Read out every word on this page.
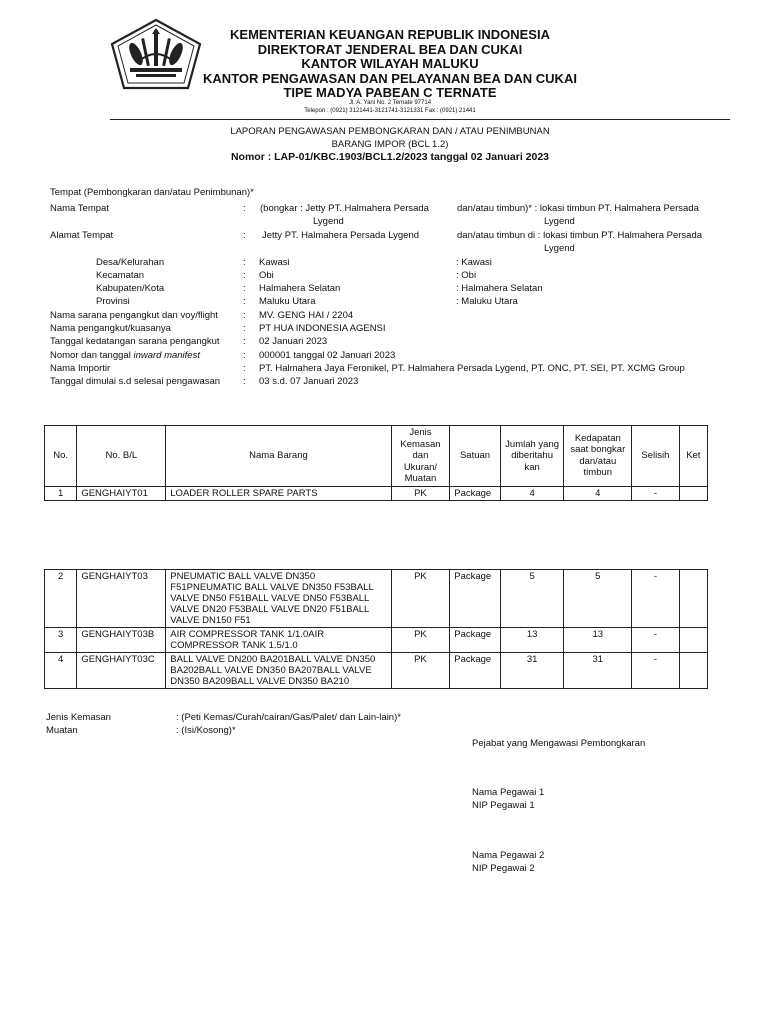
KEMENTERIAN KEUANGAN REPUBLIK INDONESIA
DIREKTORAT JENDERAL BEA DAN CUKAI
KANTOR WILAYAH MALUKU
KANTOR PENGAWASAN DAN PELAYANAN BEA DAN CUKAI
TIPE MADYA PABEAN C TERNATE
Jl. A. Yani No. 2 Ternate 97714
Telepon : (0921) 3121441-3121741-3121331 Fax : (0921) 21441
LAPORAN PENGAWASAN PEMBONGKARAN DAN / ATAU PENIMBUNAN
BARANG IMPOR (BCL 1.2)
Nomor : LAP-01/KBC.1903/BCL1.2/2023 tanggal 02 Januari 2023
Tempat (Pembongkaran dan/atau Penimbunan)*
Nama Tempat	: (bongkar : Jetty PT. Halmahera Persada
Lygend
dan/atau timbun)* : lokasi timbun PT. Halmahera Persada
Lygend
Alamat Tempat	: Jetty PT. Halmahera Persada Lygend	dan/atau timbun di : lokasi timbun PT. Halmahera Persada
Lygend
Desa/Kelurahan	: Kawasi	: Kawasi
Kecamatan	: Obi	: Obi
Kabupaten/Kota	: Halmahera Selatan	: Halmahera Selatan
Provinsi	: Maluku Utara	: Maluku Utara
Nama sarana pengangkut dan voy/flight	: MV. GENG HAI / 2204
Nama pengangkut/kuasanya	: PT HUA INDONESIA AGENSI
Tanggal kedatangan sarana pengangkut : 02 Januari 2023
Nomor dan tanggal inward manifest	: 000001 tanggal 02 Januari 2023
Nama Importir	: PT. Halmahera Jaya Feronikel, PT. Halmahera Persada Lygend, PT. ONC, PT. SEI, PT. XCMG Group
Tanggal dimulai s.d selesai pengawasan : 03 s.d. 07 Januari 2023
No.	No. B/L	Nama Barang	Jenis Kemasan dan Ukuran/ Muatan	Satuan	Jumlah yang diberitahu kan	Kedapatan saat bongkar dan/atau timbun	Selisih	Ket
1	GENGHAIYT01	LOADER ROLLER SPARE PARTS	PK	Package	4	4	-	
2	GENGHAIYT03	PNEUMATIC BALL VALVE DN350 F51PNEUMATIC BALL VALVE DN350 F53BALL VALVE DN50 F51BALL VALVE DN50 F53BALL VALVE DN20 F53BALL VALVE DN20 F51BALL VALVE DN150 F51	PK	Package	5	5	-	
3	GENGHAIYT03B	AIR COMPRESSOR TANK 1/1.0AIR COMPRESSOR TANK 1.5/1.0	PK	Package	13	13	-	
4	GENGHAIYT03C	BALL VALVE DN200 BA201BALL VALVE DN350 BA202BALL VALVE DN350 BA207BALL VALVE DN350 BA209BALL VALVE DN350 BA210	PK	Package	31	31	-	
Jenis Kemasan	: (Peti Kemas/Curah/cairan/Gas/Palet/ dan Lain-lain)*
Muatan	: (Isi/Kosong)*
Pejabat yang Mengawasi Pembongkaran
Nama Pegawai 1
NIP Pegawai 1
Nama Pegawai 2
NIP Pegawai 2
